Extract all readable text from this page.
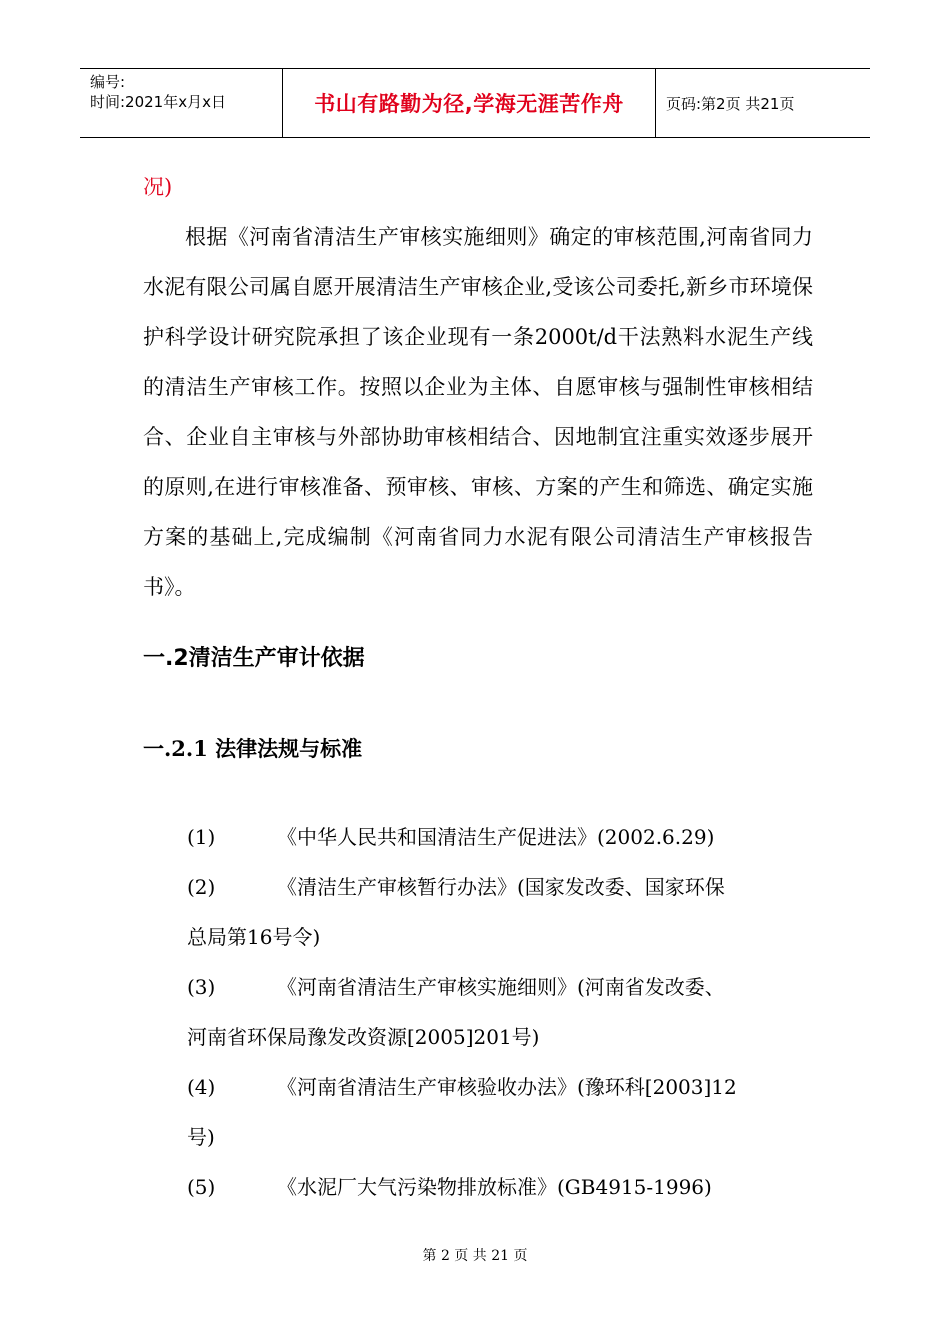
编号:
时间:2021年x月x日	书山有路勤为径,学海无涯苦作舟	页码:第2页 共21页
况)
根据《河南省清洁生产审核实施细则》确定的审核范围,河南省同力水泥有限公司属自愿开展清洁生产审核企业,受该公司委托,新乡市环境保护科学设计研究院承担了该企业现有一条2000t/d干法熟料水泥生产线的清洁生产审核工作。按照以企业为主体、自愿审核与强制性审核相结合、企业自主审核与外部协助审核相结合、因地制宜注重实效逐步展开的原则,在进行审核准备、预审核、审核、方案的产生和筛选、确定实施方案的基础上,完成编制《河南省同力水泥有限公司清洁生产审核报告书》。
一.2清洁生产审计依据
一.2.1 法律法规与标准
(1)	《中华人民共和国清洁生产促进法》(2002.6.29)
(2)	《清洁生产审核暂行办法》(国家发改委、国家环保
总局第16号令)
(3)	《河南省清洁生产审核实施细则》(河南省发改委、
河南省环保局豫发改资源[2005]201号)
(4)	《河南省清洁生产审核验收办法》(豫环科[2003]12
号)
(5)	《水泥厂大气污染物排放标准》(GB4915-1996)
第 2 页 共 21 页
